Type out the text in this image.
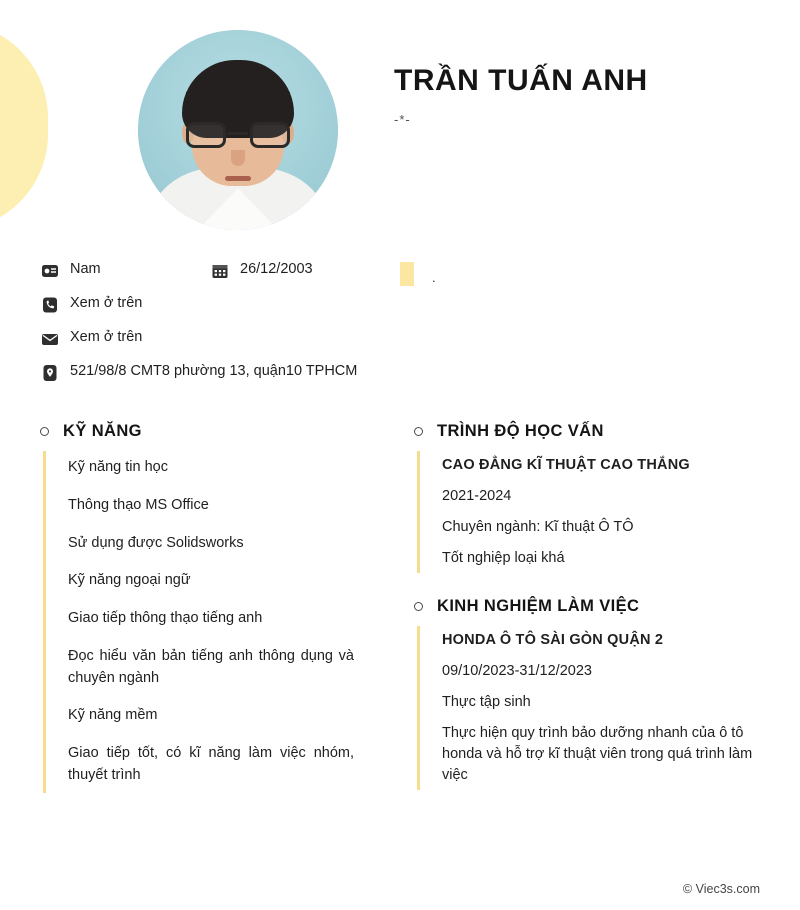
TRẦN TUẤN ANH
-*-
Nam	26/12/2003
Xem ở trên
Xem ở trên
521/98/8 CMT8 phường 13, quận10 TPHCM
.
KỸ NĂNG
Kỹ năng tin học
Thông thạo MS Office
Sử dụng được Solidsworks
Kỹ năng ngoại ngữ
Giao tiếp thông thạo tiếng anh
Đọc hiểu văn bản tiếng anh thông dụng và chuyên ngành
Kỹ năng mềm
Giao tiếp tốt, có kĩ năng làm việc nhóm, thuyết trình
TRÌNH ĐỘ HỌC VẤN
CAO ĐẲNG KĨ THUẬT CAO THẮNG
2021-2024
Chuyên ngành: Kĩ thuật Ô TÔ
Tốt nghiệp loại khá
KINH NGHIỆM LÀM VIỆC
HONDA Ô TÔ SÀI GÒN QUẬN 2
09/10/2023-31/12/2023
Thực tập sinh
Thực hiện quy trình bảo dưỡng nhanh của ô tô honda và hỗ trợ kĩ thuật viên trong quá trình làm việc
© Viec3s.com
